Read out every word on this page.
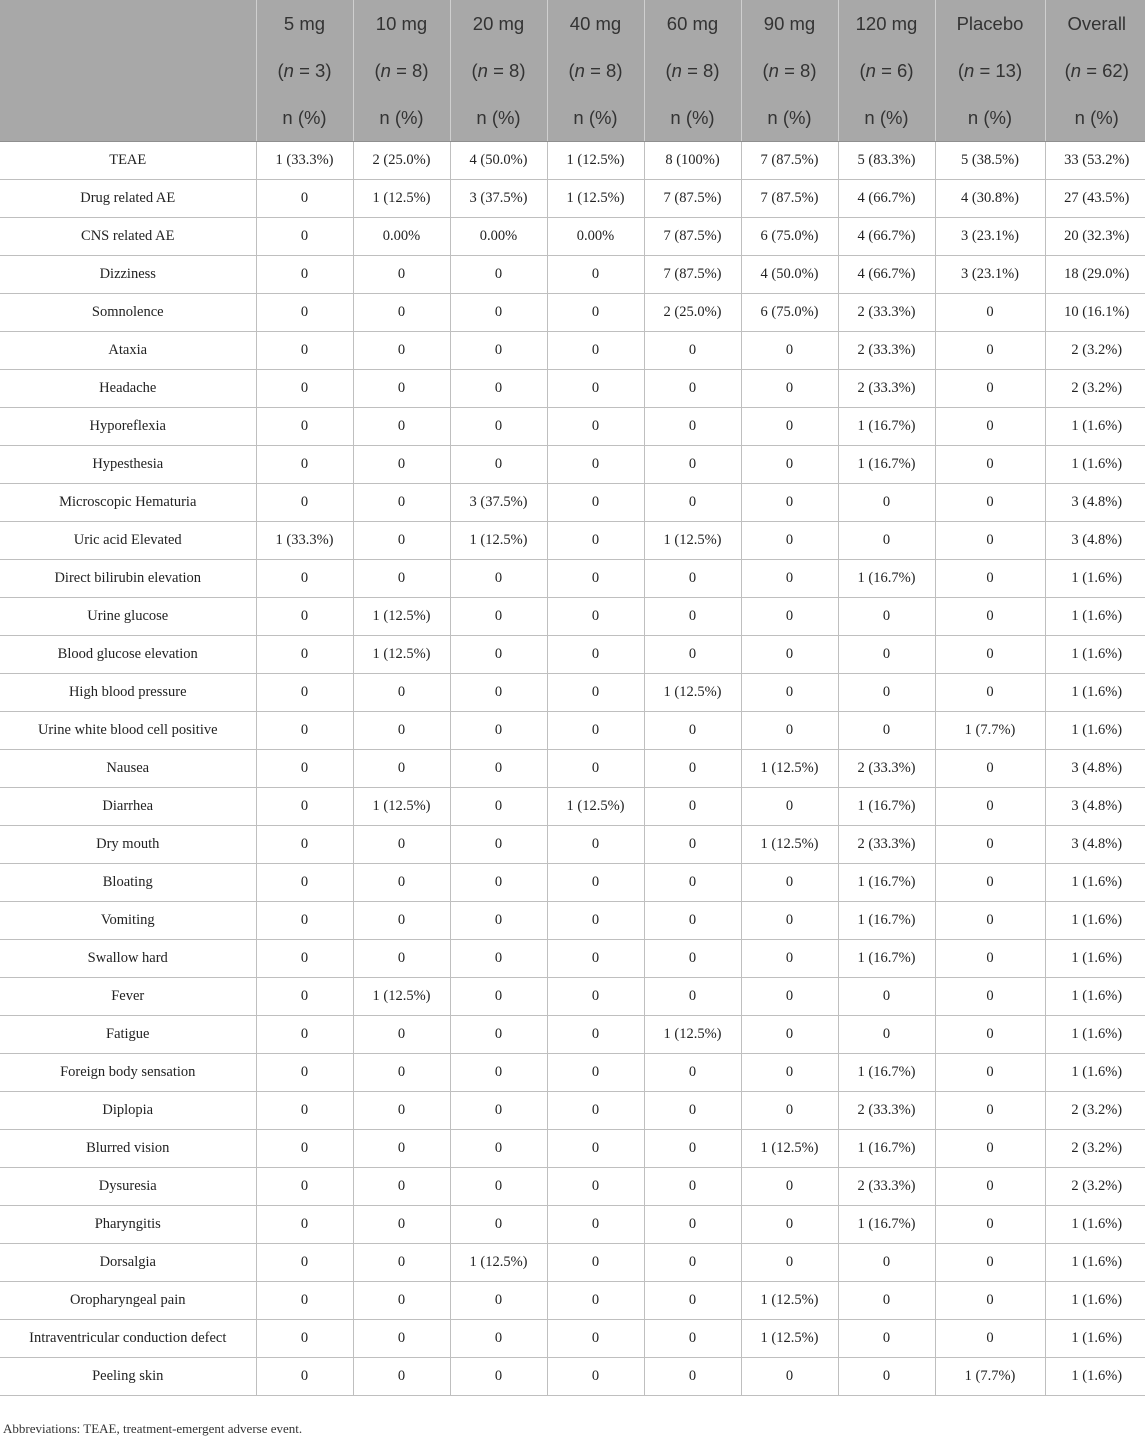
	5 mg	10 mg	20 mg	40 mg	60 mg	90 mg	120 mg	Placebo	Overall
	(n = 3)	(n = 8)	(n = 8)	(n = 8)	(n = 8)	(n = 8)	(n = 6)	(n = 13)	(n = 62)
	n (%)	n (%)	n (%)	n (%)	n (%)	n (%)	n (%)	n (%)	n (%)
TEAE	1 (33.3%)	2 (25.0%)	4 (50.0%)	1 (12.5%)	8 (100%)	7 (87.5%)	5 (83.3%)	5 (38.5%)	33 (53.2%)
Drug related AE	0	1 (12.5%)	3 (37.5%)	1 (12.5%)	7 (87.5%)	7 (87.5%)	4 (66.7%)	4 (30.8%)	27 (43.5%)
CNS related AE	0	0.00%	0.00%	0.00%	7 (87.5%)	6 (75.0%)	4 (66.7%)	3 (23.1%)	20 (32.3%)
Dizziness	0	0	0	0	7 (87.5%)	4 (50.0%)	4 (66.7%)	3 (23.1%)	18 (29.0%)
Somnolence	0	0	0	0	2 (25.0%)	6 (75.0%)	2 (33.3%)	0	10 (16.1%)
Ataxia	0	0	0	0	0	0	2 (33.3%)	0	2 (3.2%)
Headache	0	0	0	0	0	0	2 (33.3%)	0	2 (3.2%)
Hyporeflexia	0	0	0	0	0	0	1 (16.7%)	0	1 (1.6%)
Hypesthesia	0	0	0	0	0	0	1 (16.7%)	0	1 (1.6%)
Microscopic Hematuria	0	0	3 (37.5%)	0	0	0	0	0	3 (4.8%)
Uric acid Elevated	1 (33.3%)	0	1 (12.5%)	0	1 (12.5%)	0	0	0	3 (4.8%)
Direct bilirubin elevation	0	0	0	0	0	0	1 (16.7%)	0	1 (1.6%)
Urine glucose	0	1 (12.5%)	0	0	0	0	0	0	1 (1.6%)
Blood glucose elevation	0	1 (12.5%)	0	0	0	0	0	0	1 (1.6%)
High blood pressure	0	0	0	0	1 (12.5%)	0	0	0	1 (1.6%)
Urine white blood cell positive	0	0	0	0	0	0	0	1 (7.7%)	1 (1.6%)
Nausea	0	0	0	0	0	1 (12.5%)	2 (33.3%)	0	3 (4.8%)
Diarrhea	0	1 (12.5%)	0	1 (12.5%)	0	0	1 (16.7%)	0	3 (4.8%)
Dry mouth	0	0	0	0	0	1 (12.5%)	2 (33.3%)	0	3 (4.8%)
Bloating	0	0	0	0	0	0	1 (16.7%)	0	1 (1.6%)
Vomiting	0	0	0	0	0	0	1 (16.7%)	0	1 (1.6%)
Swallow hard	0	0	0	0	0	0	1 (16.7%)	0	1 (1.6%)
Fever	0	1 (12.5%)	0	0	0	0	0	0	1 (1.6%)
Fatigue	0	0	0	0	1 (12.5%)	0	0	0	1 (1.6%)
Foreign body sensation	0	0	0	0	0	0	1 (16.7%)	0	1 (1.6%)
Diplopia	0	0	0	0	0	0	2 (33.3%)	0	2 (3.2%)
Blurred vision	0	0	0	0	0	1 (12.5%)	1 (16.7%)	0	2 (3.2%)
Dysuresia	0	0	0	0	0	0	2 (33.3%)	0	2 (3.2%)
Pharyngitis	0	0	0	0	0	0	1 (16.7%)	0	1 (1.6%)
Dorsalgia	0	0	1 (12.5%)	0	0	0	0	0	1 (1.6%)
Oropharyngeal pain	0	0	0	0	0	1 (12.5%)	0	0	1 (1.6%)
Intraventricular conduction defect	0	0	0	0	0	1 (12.5%)	0	0	1 (1.6%)
Peeling skin	0	0	0	0	0	0	0	1 (7.7%)	1 (1.6%)
Abbreviations: TEAE, treatment-emergent adverse event.
